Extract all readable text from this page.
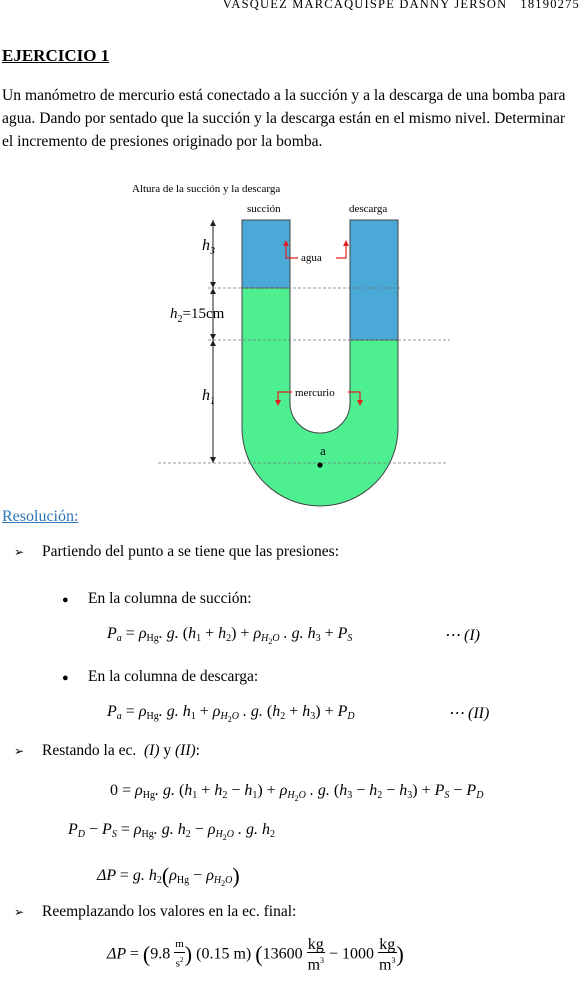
VASQUEZ MARCAQUISPE DANNY JERSON 18190275
EJERCICIO 1
Un manómetro de mercurio está conectado a la succión y a la descarga de una bomba para agua. Dando por sentado que la succión y la descarga están en el mismo nivel. Determinar el incremento de presiones originado por la bomba.
Altura de la succión y la descarga
succión	descarga
$h_3$
$h_2=15cm$
$h_1$
agua
mercurio
a
Resolución:
➢ Partiendo del punto a se tiene que las presiones:
● En la columna de succión:
$P_a = \rho_{Hg}$. g. $(h_1 + h_2) + \rho_{H_2O}$ . g. $h_3 + P_S$	⋯ (I)
● En la columna de descarga:
$P_a = \rho_{Hg}$. g. $h_1 + \rho_{H_2O}$ . g. $(h_2 + h_3) + P_D$	⋯ (II)
➢ Restando la ec. (I) y (II):
$0 = \rho_{Hg}$. g. $(h_1 + h_2 - h_1) + \rho_{H_2O}$ . g. $(h_3 - h_2 - h_3) + P_S - P_D$
$P_D - P_S = \rho_{Hg}$. g. $h_2 - \rho_{H_2O}$ . g. $h_2$
ΔP = g. $h_2(\rho_{Hg} - \rho_{H_2O})$
➢ Reemplazando los valores en la ec. final:
$\Delta P = (9.8 \frac{m}{s^2}$ ) (0.15 m) ($13600 \frac{kg}{m^3} - 1000 \frac{kg}{m^3}$ )
